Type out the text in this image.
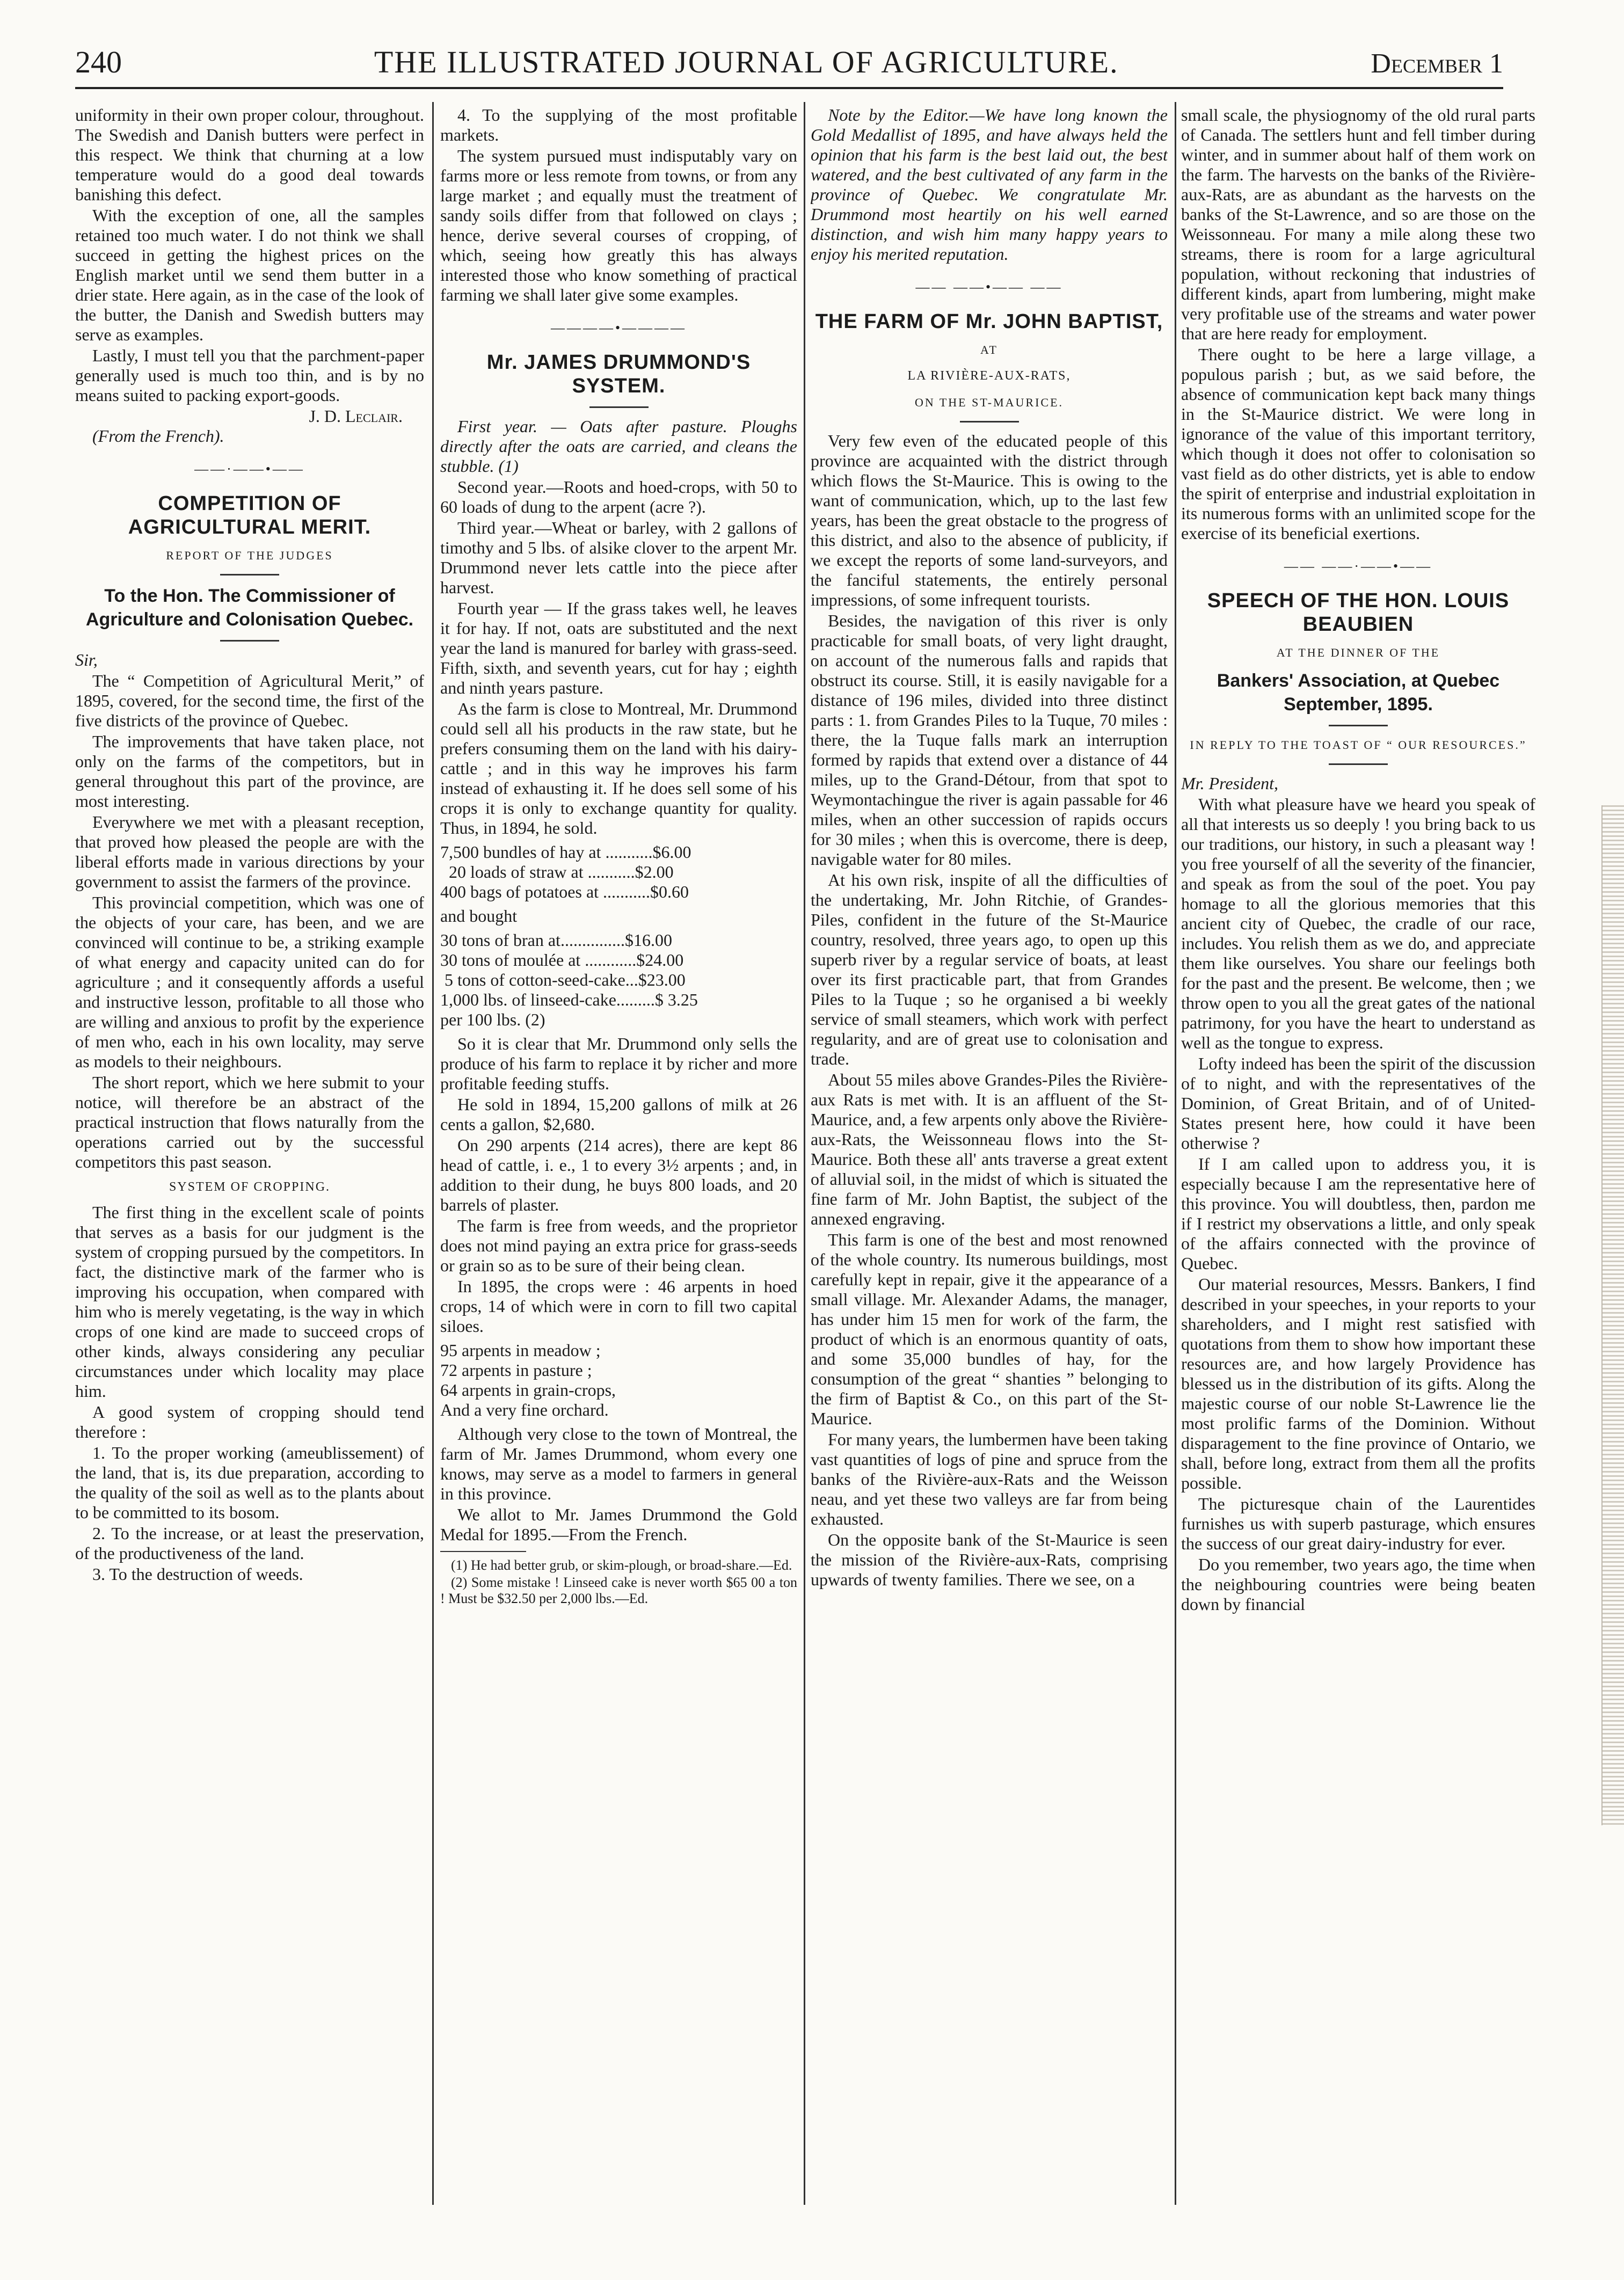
240	THE ILLUSTRATED JOURNAL OF AGRICULTURE.	December 1

uniformity in their own proper colour, throughout. The Swedish and Danish butters were perfect in this respect. We think that churning at a low temperature would do a good deal towards banishing this defect.

With the exception of one, all the samples retained too much water. I do not think we shall succeed in getting the highest prices on the English market until we send them butter in a drier state. Here again, as in the case of the look of the butter, the Danish and Swedish butters may serve as examples.

Lastly, I must tell you that the parchment-paper generally used is much too thin, and is by no means suited to packing export-goods.

J. D. Leclair.

(From the French).

——·——•——
COMPETITION OF AGRICULTURAL MERIT.
REPORT OF THE JUDGES
To the Hon. The Commissioner of Agriculture and Colonisation Quebec.

Sir,

The “ Competition of Agricultural Merit,” of 1895, covered, for the second time, the first of the five districts of the province of Quebec.

The improvements that have taken place, not only on the farms of the competitors, but in general throughout this part of the province, are most interesting.

Everywhere we met with a pleasant reception, that proved how pleased the people are with the liberal efforts made in various directions by your government to assist the farmers of the province.

This provincial competition, which was one of the objects of your care, has been, and we are convinced will continue to be, a striking example of what energy and capacity united can do for agriculture ; and it consequently affords a useful and instructive lesson, profitable to all those who are willing and anxious to profit by the experience of men who, each in his own locality, may serve as models to their neighbours.

The short report, which we here submit to your notice, will therefore be an abstract of the practical instruction that flows naturally from the operations carried out by the successful competitors this past season.

SYSTEM OF CROPPING.

The first thing in the excellent scale of points that serves as a basis for our judgment is the system of cropping pursued by the competitors. In fact, the distinctive mark of the farmer who is improving his occupation, when compared with him who is merely vegetating, is the way in which crops of one kind are made to succeed crops of other kinds, always considering any peculiar circumstances under which locality may place him.

A good system of cropping should tend therefore :

1. To the proper working (ameublissement) of the land, that is, its due preparation, according to the quality of the soil as well as to the plants about to be committed to its bosom.

2. To the increase, or at least the preservation, of the productiveness of the land.

3. To the destruction of weeds.

4. To the supplying of the most profitable markets.

The system pursued must indisputably vary on farms more or less remote from towns, or from any large market ; and equally must the treatment of sandy soils differ from that followed on clays ; hence, derive several courses of cropping, of which, seeing how greatly this has always interested those who know something of practical farming we shall later give some examples.

————•————
Mr. JAMES DRUMMOND'S SYSTEM.

First year. — Oats after pasture. Ploughs directly after the oats are carried, and cleans the stubble. (1)

Second year.—Roots and hoed-crops, with 50 to 60 loads of dung to the arpent (acre ?).

Third year.—Wheat or barley, with 2 gallons of timothy and 5 lbs. of alsike clover to the arpent Mr. Drummond never lets cattle into the piece after harvest.

Fourth year — If the grass takes well, he leaves it for hay. If not, oats are substituted and the next year the land is manured for barley with grass-seed. Fifth, sixth, and seventh years, cut for hay ; eighth and ninth years pasture.

As the farm is close to Montreal, Mr. Drummond could sell all his products in the raw state, but he prefers consuming them on the land with his dairy-cattle ; and in this way he improves his farm instead of exhausting it. If he does sell some of his crops it is only to exchange quantity for quality. Thus, in 1894, he sold.

7,500 bundles of hay at ...........$6.00
20 loads of straw at ...........$2.00
400 bags of potatoes at ...........$0.60

and bought

30 tons of bran at...............$16.00
30 tons of moulée at ............$24.00
5 tons of cotton-seed-cake...$23.00
1,000 lbs. of linseed-cake.........$ 3.25
per 100 lbs. (2)

So it is clear that Mr. Drummond only sells the produce of his farm to replace it by richer and more profitable feeding stuffs.

He sold in 1894, 15,200 gallons of milk at 26 cents a gallon, $2,680.

On 290 arpents (214 acres), there are kept 86 head of cattle, i. e., 1 to every 3½ arpents ; and, in addition to their dung, he buys 800 loads, and 20 barrels of plaster.

The farm is free from weeds, and the proprietor does not mind paying an extra price for grass-seeds or grain so as to be sure of their being clean.

In 1895, the crops were : 46 arpents in hoed crops, 14 of which were in corn to fill two capital siloes.

95 arpents in meadow ;
72 arpents in pasture ;
64 arpents in grain-crops,
And a very fine orchard.

Although very close to the town of Montreal, the farm of Mr. James Drummond, whom every one knows, may serve as a model to farmers in general in this province.

We allot to Mr. James Drummond the Gold Medal for 1895.—From the French.

(1) He had better grub, or skim-plough, or broad-share.—Ed.

(2) Some mistake ! Linseed cake is never worth $65 00 a ton ! Must be $32.50 per 2,000 lbs.—Ed.

Note by the Editor.—We have long known the Gold Medallist of 1895, and have always held the opinion that his farm is the best laid out, the best watered, and the best cultivated of any farm in the province of Quebec. We congratulate Mr. Drummond most heartily on his well earned distinction, and wish him many happy years to enjoy his merited reputation.

—— ——•—— ——
THE FARM OF Mr. JOHN BAPTIST,
AT
LA RIVIÈRE-AUX-RATS,
ON THE ST-MAURICE.

Very few even of the educated people of this province are acquainted with the district through which flows the St-Maurice. This is owing to the want of communication, which, up to the last few years, has been the great obstacle to the progress of this district, and also to the absence of publicity, if we except the reports of some land-surveyors, and the fanciful statements, the entirely personal impressions, of some infrequent tourists.

Besides, the navigation of this river is only practicable for small boats, of very light draught, on account of the numerous falls and rapids that obstruct its course. Still, it is easily navigable for a distance of 196 miles, divided into three distinct parts : 1. from Grandes Piles to la Tuque, 70 miles : there, the la Tuque falls mark an interruption formed by rapids that extend over a distance of 44 miles, up to the Grand-Détour, from that spot to Weymontachingue the river is again passable for 46 miles, when an other succession of rapids occurs for 30 miles ; when this is overcome, there is deep, navigable water for 80 miles.

At his own risk, inspite of all the difficulties of the undertaking, Mr. John Ritchie, of Grandes-Piles, confident in the future of the St-Maurice country, resolved, three years ago, to open up this superb river by a regular service of boats, at least over its first practicable part, that from Grandes Piles to la Tuque ; so he organised a bi weekly service of small steamers, which work with perfect regularity, and are of great use to colonisation and trade.

About 55 miles above Grandes-Piles the Rivière-aux Rats is met with. It is an affluent of the St-Maurice, and, a few arpents only above the Rivière-aux-Rats, the Weissonneau flows into the St-Maurice. Both these all' ants traverse a great extent of alluvial soil, in the midst of which is situated the fine farm of Mr. John Baptist, the subject of the annexed engraving.

This farm is one of the best and most renowned of the whole country. Its numerous buildings, most carefully kept in repair, give it the appearance of a small village. Mr. Alexander Adams, the manager, has under him 15 men for work of the farm, the product of which is an enormous quantity of oats, and some 35,000 bundles of hay, for the consumption of the great “ shanties ” belonging to the firm of Baptist & Co., on this part of the St-Maurice.

For many years, the lumbermen have been taking vast quantities of logs of pine and spruce from the banks of the Rivière-aux-Rats and the Weisson neau, and yet these two valleys are far from being exhausted.

On the opposite bank of the St-Maurice is seen the mission of the Rivière-aux-Rats, comprising upwards of twenty families. There we see, on a

small scale, the physiognomy of the old rural parts of Canada. The settlers hunt and fell timber during winter, and in summer about half of them work on the farm. The harvests on the banks of the Rivière-aux-Rats, are as abundant as the harvests on the banks of the St-Lawrence, and so are those on the Weissonneau. For many a mile along these two streams, there is room for a large agricultural population, without reckoning that industries of different kinds, apart from lumbering, might make very profitable use of the streams and water power that are here ready for employment.

There ought to be here a large village, a populous parish ; but, as we said before, the absence of communication kept back many things in the St-Maurice district. We were long in ignorance of the value of this important territory, which though it does not offer to colonisation so vast field as do other districts, yet is able to endow the spirit of enterprise and industrial exploitation in its numerous forms with an unlimited scope for the exercise of its beneficial exertions.

—— ——·——•——
SPEECH OF THE HON. LOUIS BEAUBIEN
AT THE DINNER OF THE
Bankers' Association, at Quebec September, 1895.
IN REPLY TO THE TOAST OF “ OUR RESOURCES.”

Mr. President,

With what pleasure have we heard you speak of all that interests us so deeply ! you bring back to us our traditions, our history, in such a pleasant way ! you free yourself of all the severity of the financier, and speak as from the soul of the poet. You pay homage to all the glorious memories that this ancient city of Quebec, the cradle of our race, includes. You relish them as we do, and appreciate them like ourselves. You share our feelings both for the past and the present. Be welcome, then ; we throw open to you all the great gates of the national patrimony, for you have the heart to understand as well as the tongue to express.

Lofty indeed has been the spirit of the discussion of to night, and with the representatives of the Dominion, of Great Britain, and of of United-States present here, how could it have been otherwise ?

If I am called upon to address you, it is especially because I am the representative here of this province. You will doubtless, then, pardon me if I restrict my observations a little, and only speak of the affairs connected with the province of Quebec.

Our material resources, Messrs. Bankers, I find described in your speeches, in your reports to your shareholders, and I might rest satisfied with quotations from them to show how important these resources are, and how largely Providence has blessed us in the distribution of its gifts. Along the majestic course of our noble St-Lawrence lie the most prolific farms of the Dominion. Without disparagement to the fine province of Ontario, we shall, before long, extract from them all the profits possible.

The picturesque chain of the Laurentides furnishes us with superb pasturage, which ensures the success of our great dairy-industry for ever.

Do you remember, two years ago, the time when the neighbouring countries were being beaten down by financial
